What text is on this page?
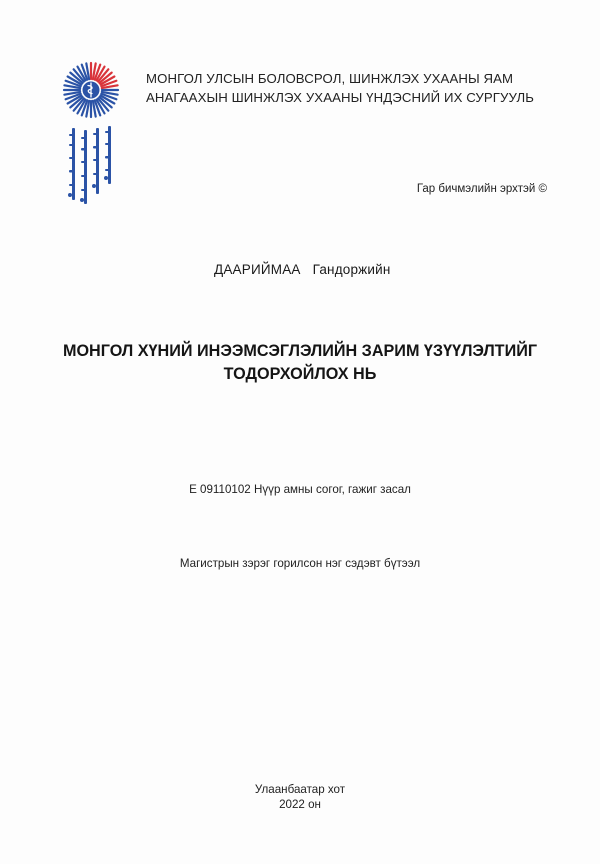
МОНГОЛ УЛСЫН БОЛОВСРОЛ, ШИНЖЛЭХ УХААНЫ ЯАМ
АНАГААХЫН ШИНЖЛЭХ УХААНЫ ҮНДЭСНИЙ ИХ СУРГУУЛЬ
Гар бичмэлийн эрхтэй ©
ДААРИЙМАА Гандоржийн
МОНГОЛ ХҮНИЙ ИНЭЭМСЭГЛЭЛИЙН ЗАРИМ ҮЗҮҮЛЭЛТИЙГ
ТОДОРХОЙЛОХ НЬ
E 09110102 Нүүр амны согог, гажиг засал
Магистрын зэрэг горилсон нэг сэдэвт бүтээл
Улаанбаатар хот
2022 он
